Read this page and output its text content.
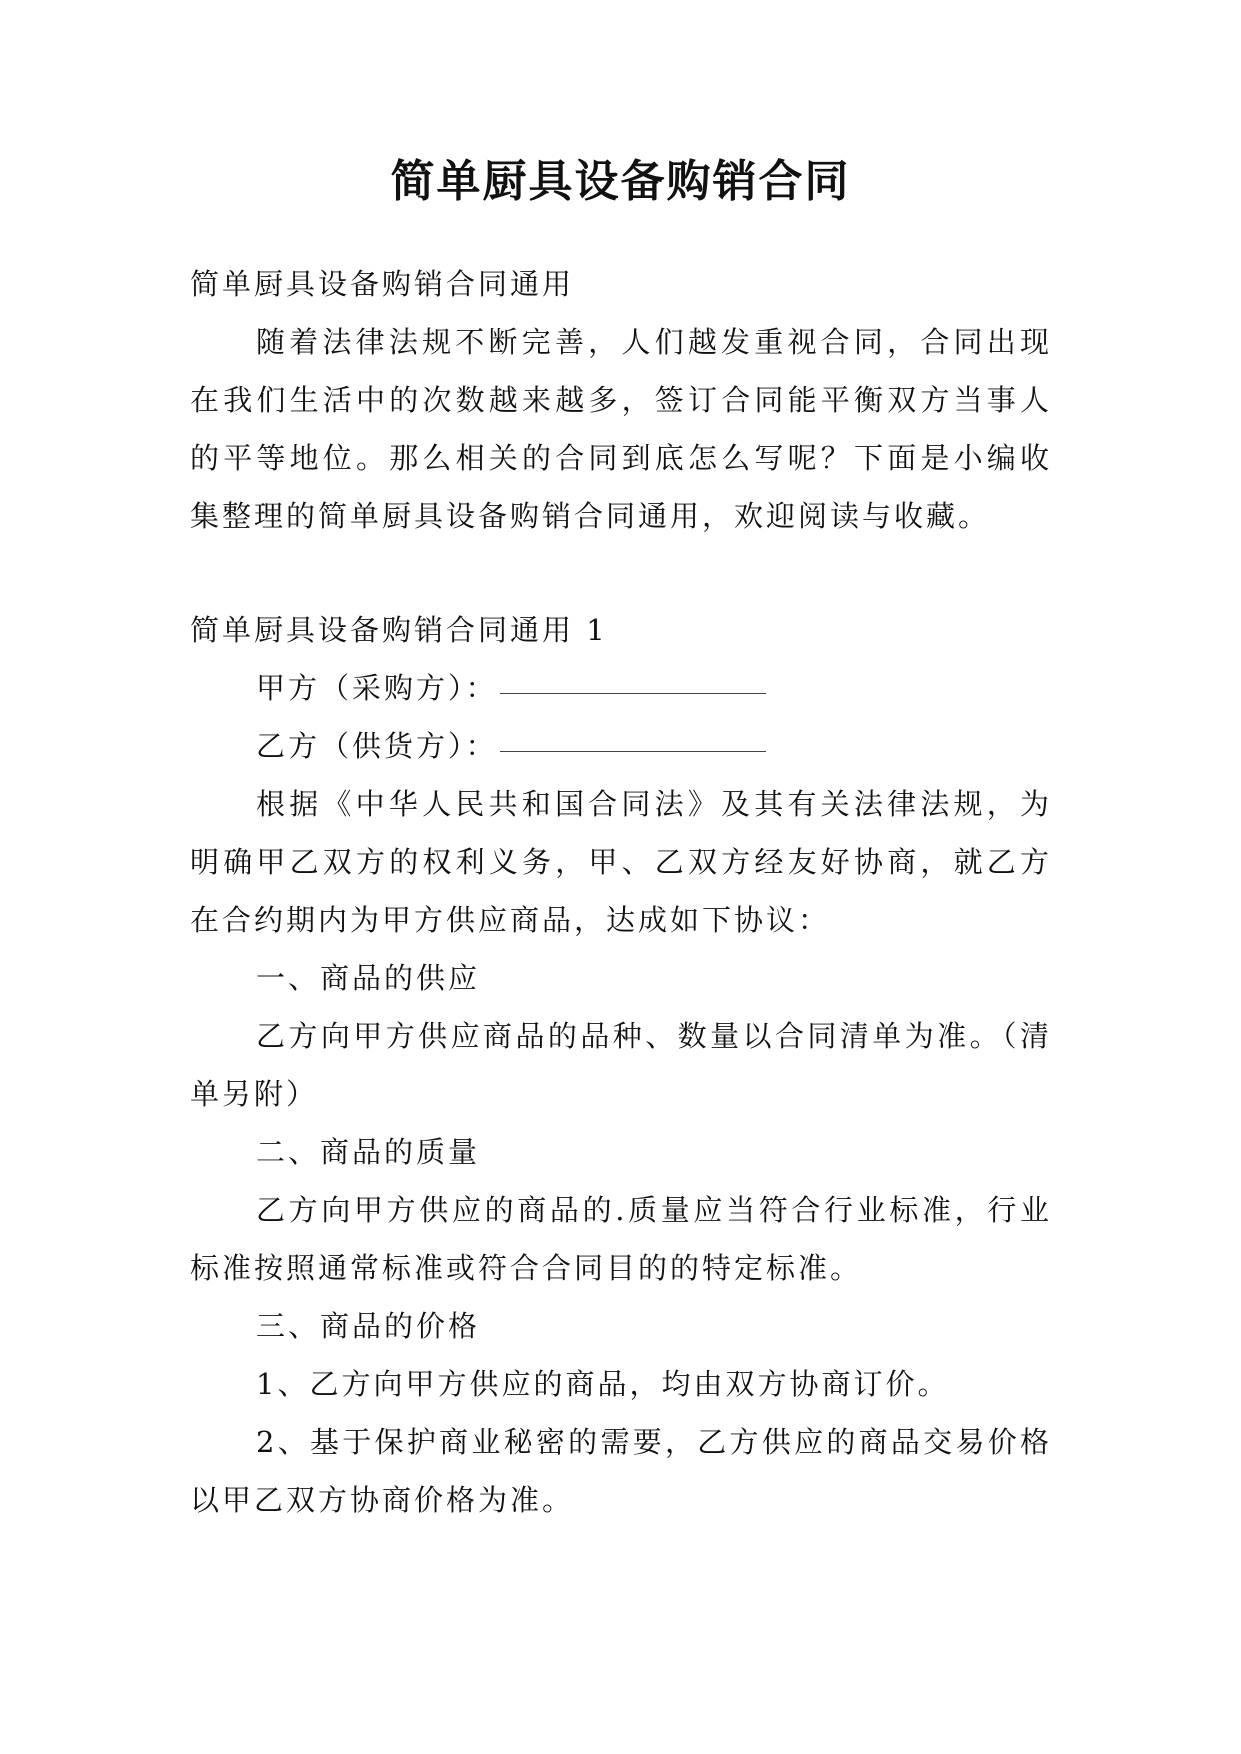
简单厨具设备购销合同

简单厨具设备购销合同通用

随着法律法规不断完善，人们越发重视合同，合同出现在我们生活中的次数越来越多，签订合同能平衡双方当事人的平等地位。那么相关的合同到底怎么写呢？下面是小编收集整理的简单厨具设备购销合同通用，欢迎阅读与收藏。

简单厨具设备购销合同通用 1

甲方（采购方）：

乙方（供货方）：

根据《中华人民共和国合同法》及其有关法律法规，为明确甲乙双方的权利义务，甲、乙双方经友好协商，就乙方在合约期内为甲方供应商品，达成如下协议：

一、商品的供应

乙方向甲方供应商品的品种、数量以合同清单为准。（清单另附）

二、商品的质量

乙方向甲方供应的商品的.质量应当符合行业标准，行业标准按照通常标准或符合合同目的的特定标准。

三、商品的价格

1、乙方向甲方供应的商品，均由双方协商订价。

2、基于保护商业秘密的需要，乙方供应的商品交易价格以甲乙双方协商价格为准。
